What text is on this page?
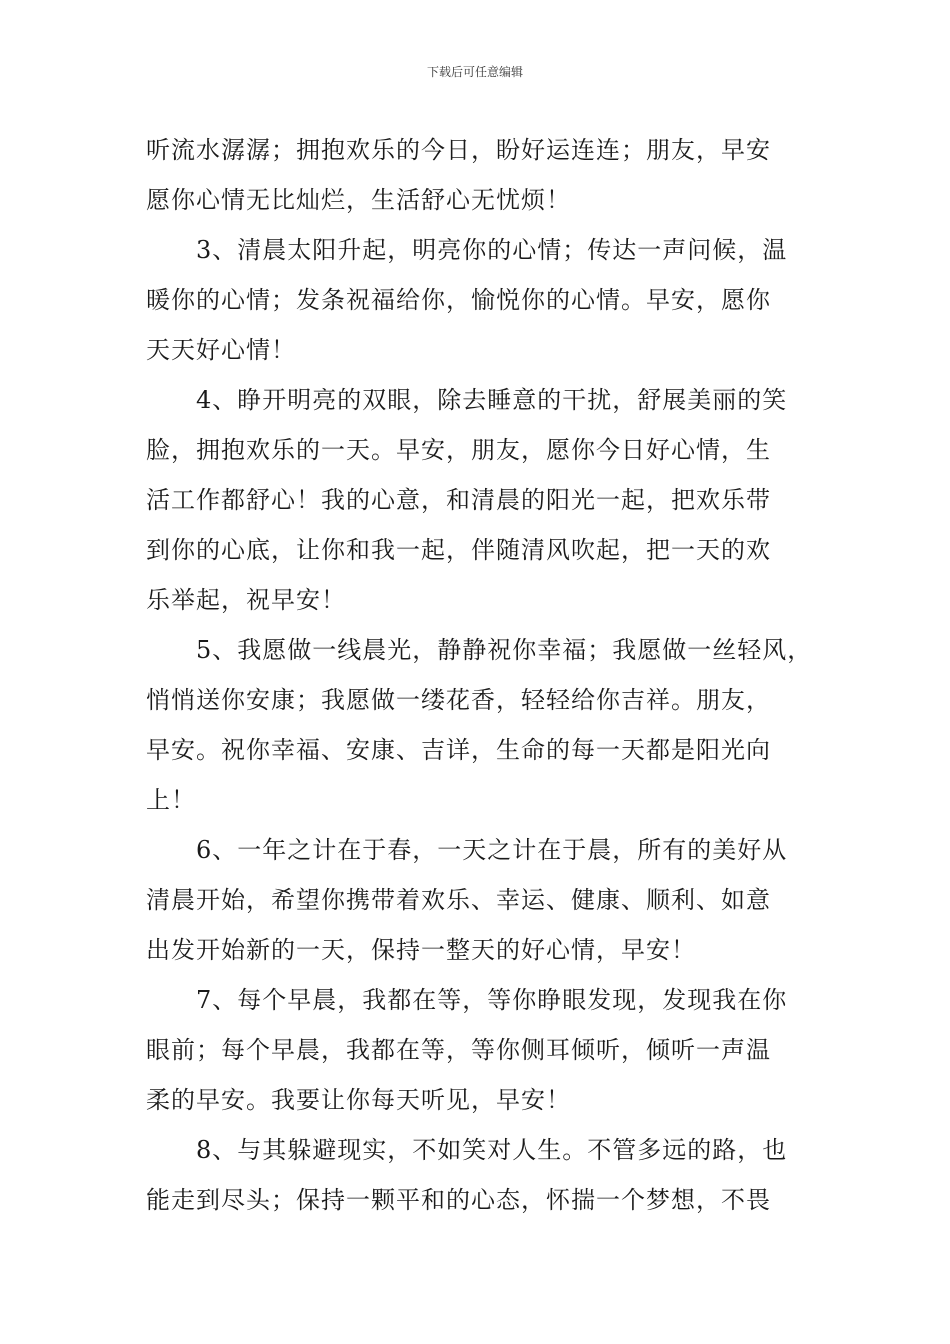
下载后可任意编辑
听流水潺潺；拥抱欢乐的今日，盼好运连连；朋友，早安
愿你心情无比灿烂，生活舒心无忧烦！
3、清晨太阳升起，明亮你的心情；传达一声问候，温
暖你的心情；发条祝福给你，愉悦你的心情。早安，愿你
天天好心情！
4、睁开明亮的双眼，除去睡意的干扰，舒展美丽的笑
脸，拥抱欢乐的一天。早安，朋友，愿你今日好心情，生
活工作都舒心！我的心意，和清晨的阳光一起，把欢乐带
到你的心底，让你和我一起，伴随清风吹起，把一天的欢
乐举起，祝早安！
5、我愿做一线晨光，静静祝你幸福；我愿做一丝轻风，
悄悄送你安康；我愿做一缕花香，轻轻给你吉祥。朋友，
早安。祝你幸福、安康、吉详，生命的每一天都是阳光向
上！
6、一年之计在于春，一天之计在于晨，所有的美好从
清晨开始，希望你携带着欢乐、幸运、健康、顺利、如意
出发开始新的一天，保持一整天的好心情，早安！
7、每个早晨，我都在等，等你睁眼发现，发现我在你
眼前；每个早晨，我都在等，等你侧耳倾听，倾听一声温
柔的早安。我要让你每天听见，早安！
8、与其躲避现实，不如笑对人生。不管多远的路，也
能走到尽头；保持一颗平和的心态，怀揣一个梦想，不畏
